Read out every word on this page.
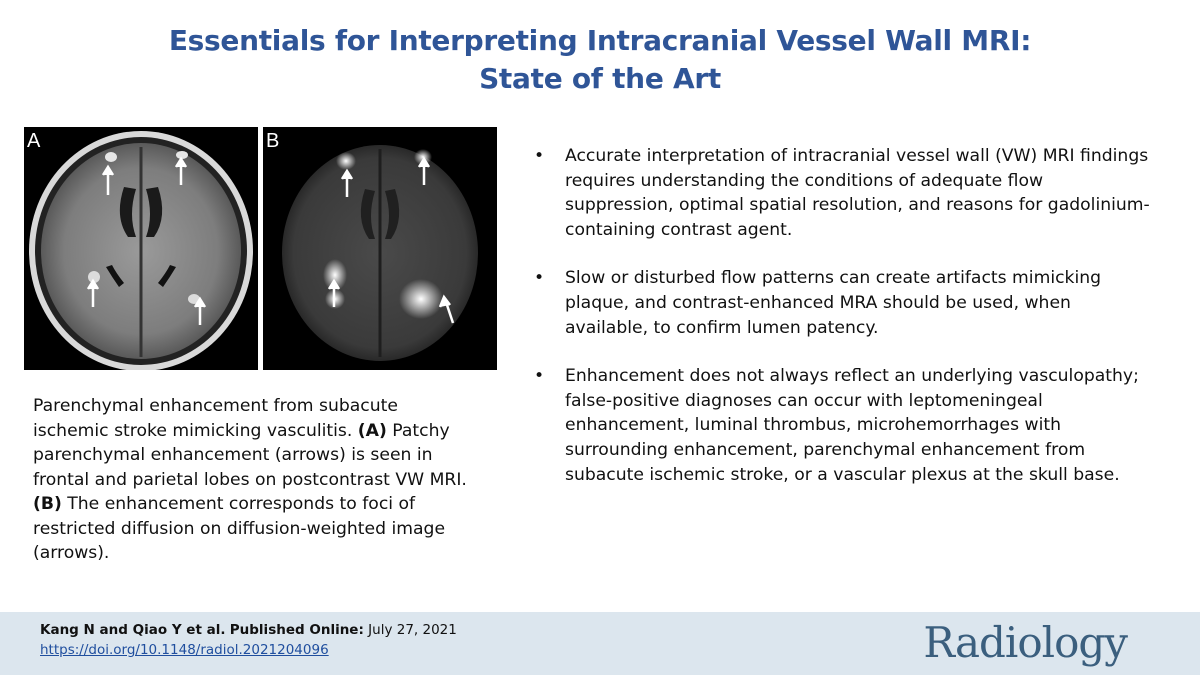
Essentials for Interpreting Intracranial Vessel Wall MRI:
State of the Art
A	B
Parenchymal enhancement from subacute ischemic stroke mimicking vasculitis. (A) Patchy parenchymal enhancement (arrows) is seen in frontal and parietal lobes on postcontrast VW MRI. (B) The enhancement corresponds to foci of restricted diffusion on diffusion-weighted image (arrows).
• Accurate interpretation of intracranial vessel wall (VW) MRI findings requires understanding the conditions of adequate flow suppression, optimal spatial resolution, and reasons for gadolinium-containing contrast agent.
• Slow or disturbed flow patterns can create artifacts mimicking plaque, and contrast-enhanced MRA should be used, when available, to confirm lumen patency.
• Enhancement does not always reflect an underlying vasculopathy; false-positive diagnoses can occur with leptomeningeal enhancement, luminal thrombus, microhemorrhages with surrounding enhancement, parenchymal enhancement from subacute ischemic stroke, or a vascular plexus at the skull base.
Kang N and Qiao Y et al. Published Online: July 27, 2021
https://doi.org/10.1148/radiol.2021204096	Radiology
